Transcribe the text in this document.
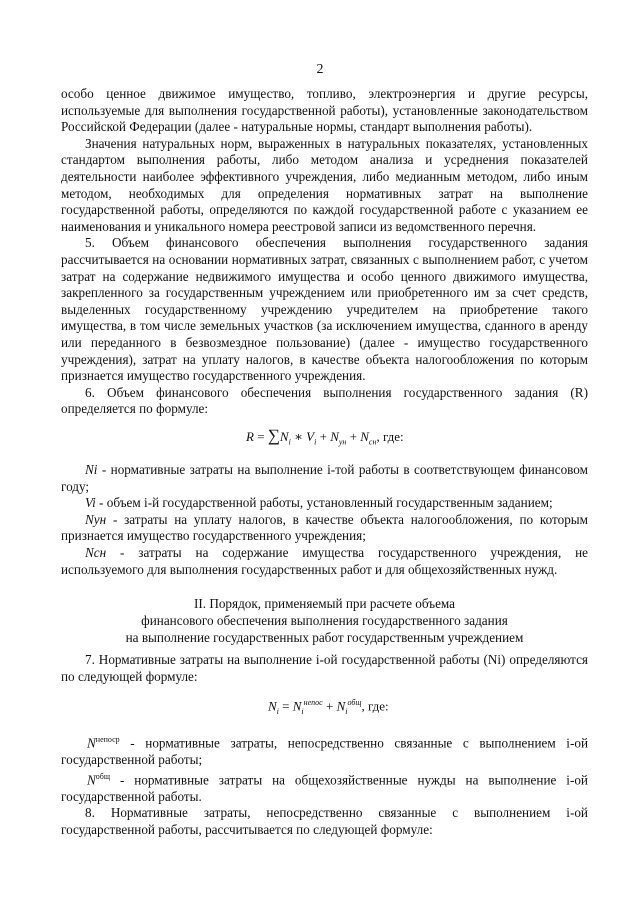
2

особо ценное движимое имущество, топливо, электроэнергия и другие ресурсы, используемые для выполнения государственной работы), установленные законодательством Российской Федерации (далее - натуральные нормы, стандарт выполнения работы).

Значения натуральных норм, выраженных в натуральных показателях, установленных стандартом выполнения работы, либо методом анализа и усреднения показателей деятельности наиболее эффективного учреждения, либо медианным методом, либо иным методом, необходимых для определения нормативных затрат на выполнение государственной работы, определяются по каждой государственной работе с указанием ее наименования и уникального номера реестровой записи из ведомственного перечня.

5. Объем финансового обеспечения выполнения государственного задания рассчитывается на основании нормативных затрат, связанных с выполнением работ, с учетом затрат на содержание недвижимого имущества и особо ценного движимого имущества, закрепленного за государственным учреждением или приобретенного им за счет средств, выделенных государственному учреждению учредителем на приобретение такого имущества, в том числе земельных участков (за исключением имущества, сданного в аренду или переданного в безвозмездное пользование) (далее - имущество государственного учреждения), затрат на уплату налогов, в качестве объекта налогообложения по которым признается имущество государственного учреждения.

6. Объем финансового обеспечения выполнения государственного задания (R) определяется по формуле:

$R = \sum N_i$ ∗ $V_i + N_{ун} + N_{сн}$, где:

Ni - нормативные затраты на выполнение i-той работы в соответствующем финансовом году;

Vi - объем i-й государственной работы, установленный государственным заданием;

Nун - затраты на уплату налогов, в качестве объекта налогообложения, по которым признается имущество государственного учреждения;

Nсн - затраты на содержание имущества государственного учреждения, не используемого для выполнения государственных работ и для общехозяйственных нужд.

II. Порядок, применяемый при расчете объема
финансового обеспечения выполнения государственного задания
на выполнение государственных работ государственным учреждением

7. Нормативные затраты на выполнение i-ой государственной работы (Ni) определяются по следующей формуле:

$N_i = N_i^{непос} + N_i^{общ}$, где:

$N^{непоср}$ - нормативные затраты, непосредственно связанные с выполнением i-ой государственной работы;

$N^{общ}$ - нормативные затраты на общехозяйственные нужды на выполнение i-ой государственной работы.

8. Нормативные затраты, непосредственно связанные с выполнением i-ой государственной работы, рассчитывается по следующей формуле:
